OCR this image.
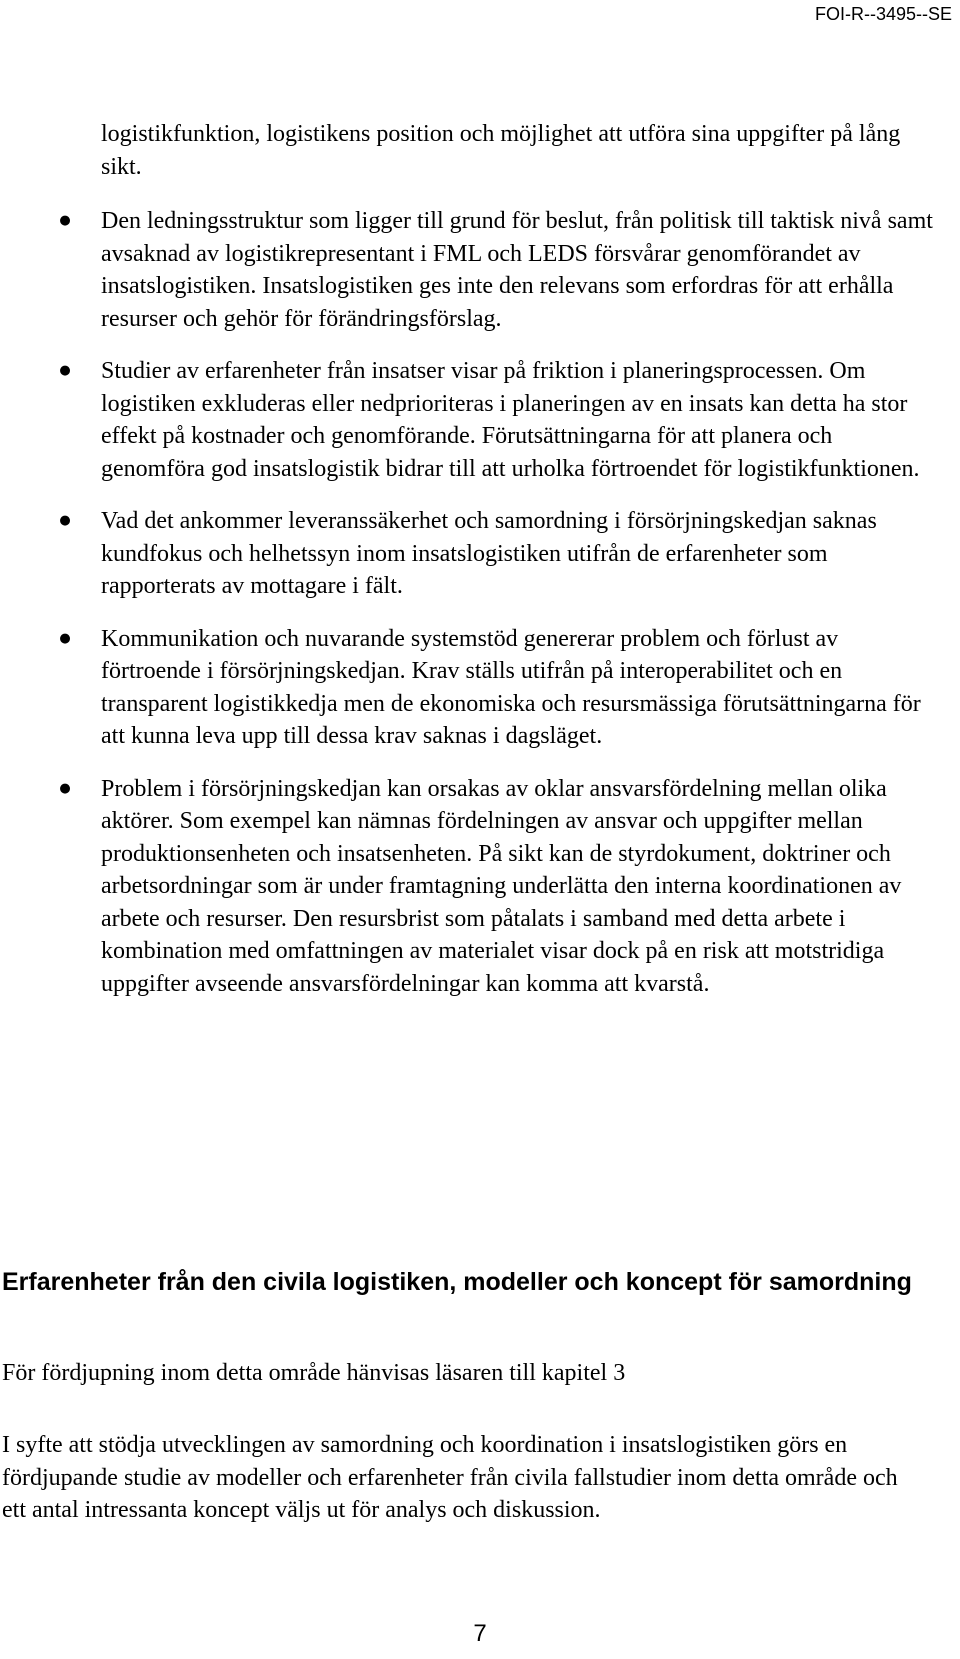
FOI-R--3495--SE

logistikfunktion, logistikens position och möjlighet att utföra sina uppgifter på lång sikt.

● Den ledningsstruktur som ligger till grund för beslut, från politisk till taktisk nivå samt avsaknad av logistikrepresentant i FML och LEDS försvårar genomförandet av insatslogistiken. Insatslogistiken ges inte den relevans som erfordras för att erhålla resurser och gehör för förändringsförslag.
● Studier av erfarenheter från insatser visar på friktion i planeringsprocessen. Om logistiken exkluderas eller nedprioriteras i planeringen av en insats kan detta ha stor effekt på kostnader och genomförande. Förutsättningarna för att planera och genomföra god insatslogistik bidrar till att urholka förtroendet för logistikfunktionen.
● Vad det ankommer leveranssäkerhet och samordning i försörjningskedjan saknas kundfokus och helhetssyn inom insatslogistiken utifrån de erfarenheter som rapporterats av mottagare i fält.
● Kommunikation och nuvarande systemstöd genererar problem och förlust av förtroende i försörjningskedjan. Krav ställs utifrån på interoperabilitet och en transparent logistikkedja men de ekonomiska och resursmässiga förutsättningarna för att kunna leva upp till dessa krav saknas i dagsläget.
● Problem i försörjningskedjan kan orsakas av oklar ansvarsfördelning mellan olika aktörer. Som exempel kan nämnas fördelningen av ansvar och uppgifter mellan produktionsenheten och insatsenheten. På sikt kan de styrdokument, doktriner och arbetsordningar som är under framtagning underlätta den interna koordinationen av arbete och resurser. Den resursbrist som påtalats i samband med detta arbete i kombination med omfattningen av materialet visar dock på en risk att motstridiga uppgifter avseende ansvarsfördelningar kan komma att kvarstå.
Erfarenheter från den civila logistiken, modeller och koncept för samordning

För fördjupning inom detta område hänvisas läsaren till kapitel 3

I syfte att stödja utvecklingen av samordning och koordination i insatslogistiken görs en fördjupande studie av modeller och erfarenheter från civila fallstudier inom detta område och ett antal intressanta koncept väljs ut för analys och diskussion.

7
